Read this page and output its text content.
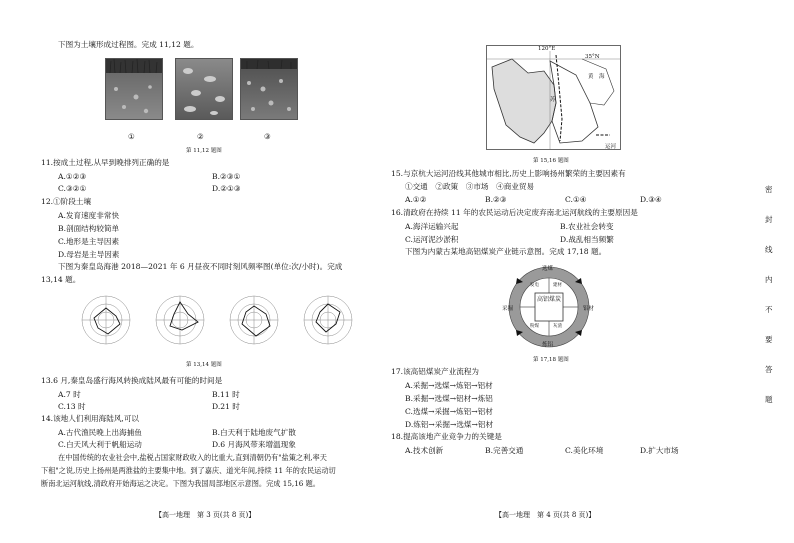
下图为土壤形成过程图。完成 11,12 题。
①	②	③
第 11,12 题图
11.按成土过程,从早到晚排列正确的是
A.①②③	B.②③①
C.③②①	D.②①③
12.①阶段土壤
A.发育速度非常快
B.剖面结构较简单
C.地形是主导因素
D.母岩是主导因素
下图为秦皇岛海港 2018—2021 年 6 月昼夜不同时刻风频率图(单位:次/小时)。完成
13,14 题。
第 13,14 题图
13.6 月,秦皇岛盛行海风转换成陆风最有可能的时间是
A.7 时	B.11 时
C.13 时	D.21 时
14.该地人们利用海陆风,可以
A.古代渔民晚上出海捕鱼	B.白天利于陆地废气扩散
C.白天风大利于帆船运动	D.6 月海风带来增温现象
在中国传统的农业社会中,盐税占国家财政收入的比重大,直到清朝仍有"盐策之利,率天
下租"之说,历史上扬州是两淮盐的主要集中地。到了嘉庆、道光年间,持续 11 年的农民运动切
断南北运河航线,清政府开始海运之决定。下图为我国局部地区示意图。完成 15,16 题。
【高一地理　第 3 页(共 8 页)】
120°E
35°N
黄　海
苏
运河
第 15,16 题图
15.与京杭大运河沿线其他城市相比,历史上影响扬州繁荣的主要因素有
①交通　②政策　③市场　④商业贸易
A.①②	B.②③	C.①④	D.③④
16.清政府在持续 11 年的农民运动后决定废弃南北运河航线的主要原因是
A.海洋运输兴起	B.农业社会转变
C.运河泥沙淤积	D.战乱相当频繁
下图为内蒙古某地高铝煤炭产业链示意图。完成 17,18 题。
选煤
炼铝
采掘	铝材
高铝煤炭
发电	建材
粉煤	灰渣
第 17,18 题图
17.该高铝煤炭产业流程为
A.采掘→选煤→炼铝→铝材
B.采掘→选煤→铝材→炼铝
C.选煤→采掘→炼铝→铝材
D.炼铝→采掘→选煤→铝材
18.提高该地产业竞争力的关键是
A.技术创新	B.完善交通	C.美化环境	D.扩大市场
【高一地理　第 4 页(共 8 页)】
密
封
线
内
不
要
答
题
